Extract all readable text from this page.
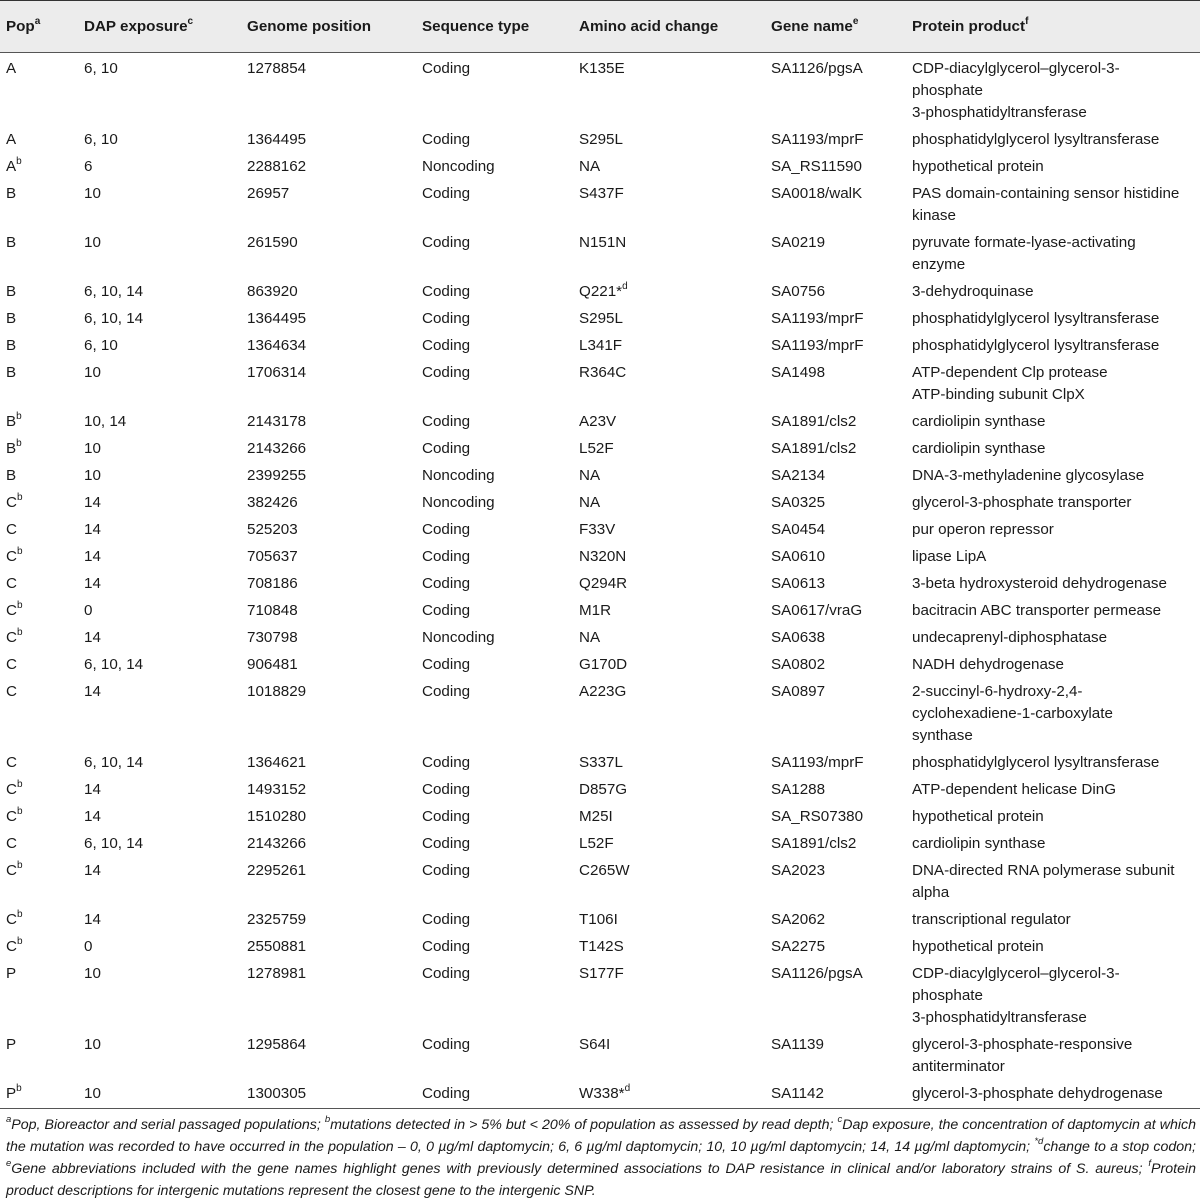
Pop$^a$	DAP exposure$^c$	Genome position	Sequence type	Amino acid change	Gene name$^e$	Protein product$^f$
A	6, 10	1278854	Coding	K135E	SA1126/pgsA	CDP-diacylglycerol–glycerol-3-
phosphate
3-phosphatidyltransferase

A	6, 10	1364495	Coding	S295L	SA1193/mprF	phosphatidylglycerol lysyltransferase

$A^b$	6	2288162	Noncoding	NA	SA_RS11590	hypothetical protein

B	10	26957	Coding	S437F	SA0018/walK	PAS domain-containing sensor histidine
kinase

B	10	261590	Coding	N151N	SA0219	pyruvate formate-lyase-activating
enzyme

B	6, 10, 14	863920	Coding	Q221*$^d$	SA0756	3-dehydroquinase

B	6, 10, 14	1364495	Coding	S295L	SA1193/mprF	phosphatidylglycerol lysyltransferase

B	6, 10	1364634	Coding	L341F	SA1193/mprF	phosphatidylglycerol lysyltransferase

B	10	1706314	Coding	R364C	SA1498	ATP-dependent Clp protease
ATP-binding subunit ClpX

$B^b$	10, 14	2143178	Coding	A23V	SA1891/cls2	cardiolipin synthase

$B^b$	10	2143266	Coding	L52F	SA1891/cls2	cardiolipin synthase

B	10	2399255	Noncoding	NA	SA2134	DNA-3-methyladenine glycosylase

$C^b$	14	382426	Noncoding	NA	SA0325	glycerol-3-phosphate transporter

C	14	525203	Coding	F33V	SA0454	pur operon repressor

$C^b$	14	705637	Coding	N320N	SA0610	lipase LipA

C	14	708186	Coding	Q294R	SA0613	3-beta hydroxysteroid dehydrogenase

$C^b$	0	710848	Coding	M1R	SA0617/vraG	bacitracin ABC transporter permease

$C^b$	14	730798	Noncoding	NA	SA0638	undecaprenyl-diphosphatase

C	6, 10, 14	906481	Coding	G170D	SA0802	NADH dehydrogenase

C	14	1018829	Coding	A223G	SA0897	2-succinyl-6-hydroxy-2,4-
cyclohexadiene-1-carboxylate
synthase

C	6, 10, 14	1364621	Coding	S337L	SA1193/mprF	phosphatidylglycerol lysyltransferase

$C^b$	14	1493152	Coding	D857G	SA1288	ATP-dependent helicase DinG

$C^b$	14	1510280	Coding	M25I	SA_RS07380	hypothetical protein

C	6, 10, 14	2143266	Coding	L52F	SA1891/cls2	cardiolipin synthase

$C^b$	14	2295261	Coding	C265W	SA2023	DNA-directed RNA polymerase subunit
alpha

$C^b$	14	2325759	Coding	T106I	SA2062	transcriptional regulator

$C^b$	0	2550881	Coding	T142S	SA2275	hypothetical protein

P	10	1278981	Coding	S177F	SA1126/pgsA	CDP-diacylglycerol–glycerol-3-
phosphate
3-phosphatidyltransferase

P	10	1295864	Coding	S64I	SA1139	glycerol-3-phosphate-responsive
antiterminator

$P^b$	10	1300305	Coding	W338*$^d$	SA1142	glycerol-3-phosphate dehydrogenase
$^a$Pop, Bioreactor and serial passaged populations; $^b$mutations detected in > 5% but < 20% of population as assessed by read depth; $^c$Dap exposure, the concentration of daptomycin at which the mutation was recorded to have occurred in the population – 0, 0 µg/ml daptomycin; 6, 6 µg/ml daptomycin; 10, 10 µg/ml daptomycin; 14, 14 µg/ml daptomycin; $^{*d}$change to a stop codon; $^e$Gene abbreviations included with the gene names highlight genes with previously determined associations to DAP resistance in clinical and/or laboratory strains of S. aureus; $^f$Protein product descriptions for intergenic mutations represent the closest gene to the intergenic SNP.
